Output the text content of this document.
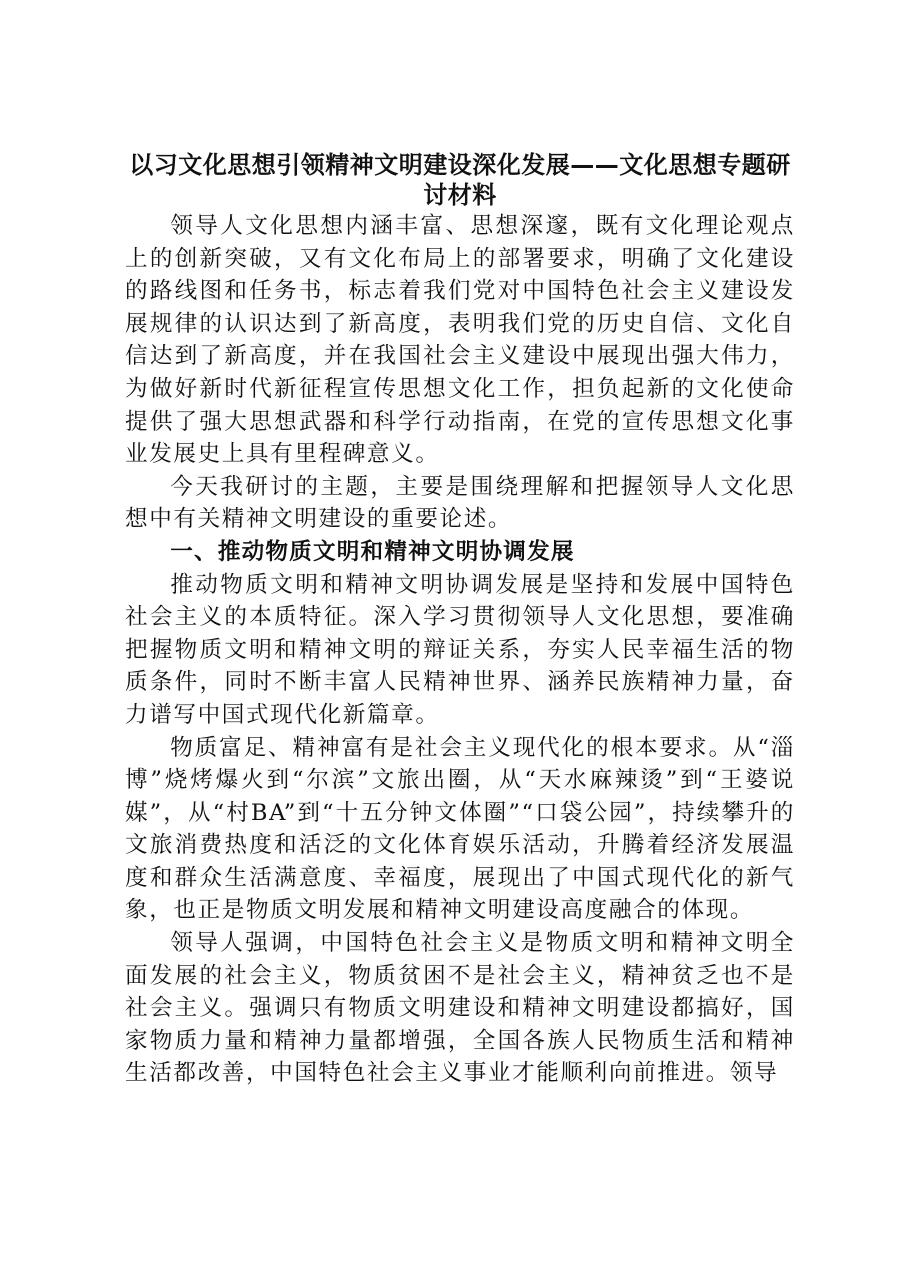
以习文化思想引领精神文明建设深化发展——文化思想专题研讨材料

领导人文化思想内涵丰富、思想深邃，既有文化理论观点上的创新突破，又有文化布局上的部署要求，明确了文化建设的路线图和任务书，标志着我们党对中国特色社会主义建设发展规律的认识达到了新高度，表明我们党的历史自信、文化自信达到了新高度，并在我国社会主义建设中展现出强大伟力，为做好新时代新征程宣传思想文化工作，担负起新的文化使命提供了强大思想武器和科学行动指南，在党的宣传思想文化事业发展史上具有里程碑意义。

今天我研讨的主题，主要是围绕理解和把握领导人文化思想中有关精神文明建设的重要论述。

一、推动物质文明和精神文明协调发展

推动物质文明和精神文明协调发展是坚持和发展中国特色社会主义的本质特征。深入学习贯彻领导人文化思想，要准确把握物质文明和精神文明的辩证关系，夯实人民幸福生活的物质条件，同时不断丰富人民精神世界、涵养民族精神力量，奋力谱写中国式现代化新篇章。

物质富足、精神富有是社会主义现代化的根本要求。从“淄博”烧烤爆火到“尔滨”文旅出圈，从“天水麻辣烫”到“王婆说媒”，从“村BA”到“十五分钟文体圈”“口袋公园”，持续攀升的文旅消费热度和活泛的文化体育娱乐活动，升腾着经济发展温度和群众生活满意度、幸福度，展现出了中国式现代化的新气象，也正是物质文明发展和精神文明建设高度融合的体现。

领导人强调，中国特色社会主义是物质文明和精神文明全面发展的社会主义，物质贫困不是社会主义，精神贫乏也不是社会主义。强调只有物质文明建设和精神文明建设都搞好，国家物质力量和精神力量都增强，全国各族人民物质生活和精神生活都改善，中国特色社会主义事业才能顺利向前推进。领导
